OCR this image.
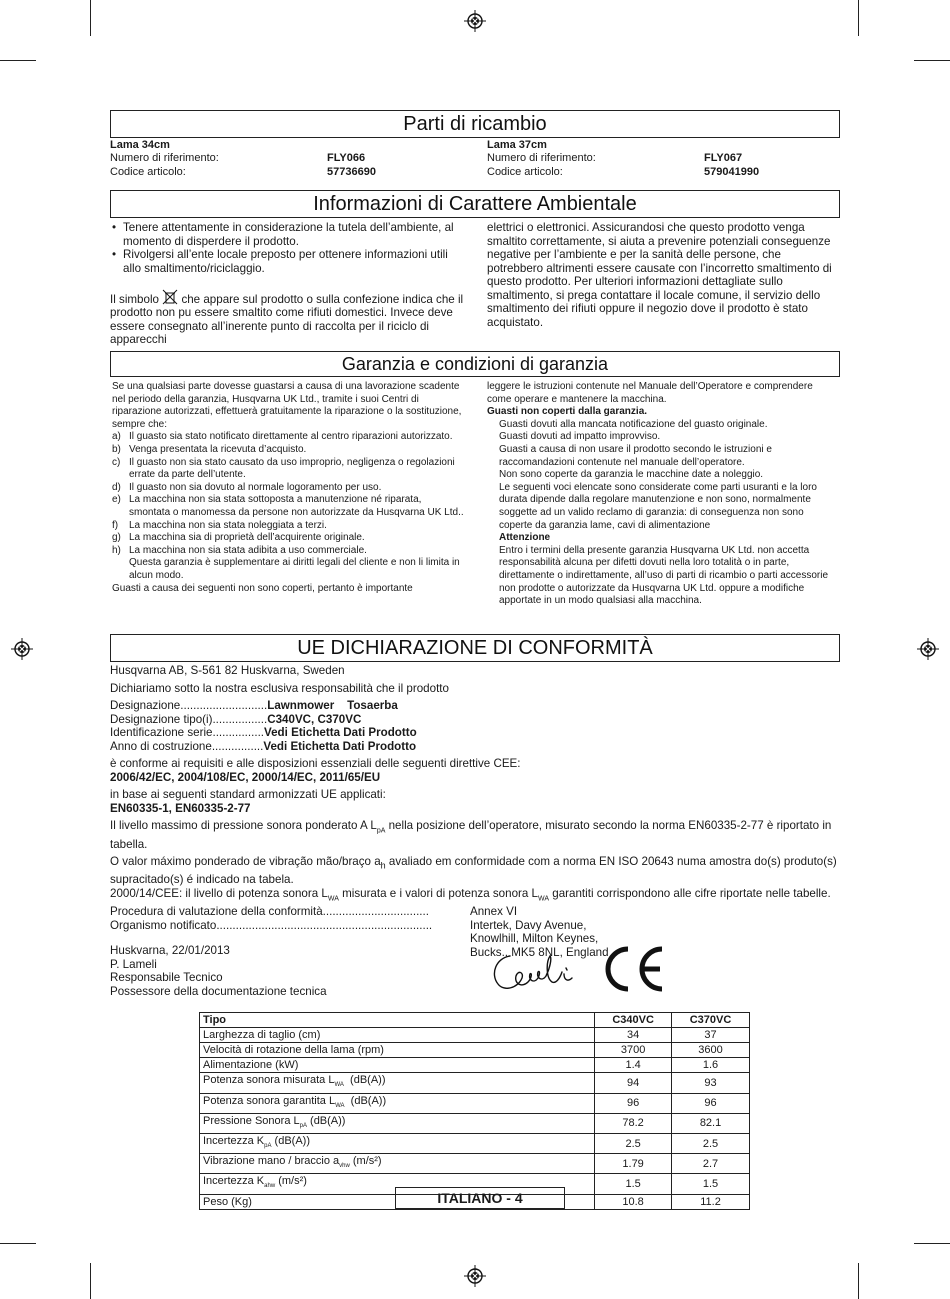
Parti di ricambio
Lama 34cm
Numero di riferimento:	FLY066
Codice articolo:	57736690
Lama 37cm
Numero di riferimento:	FLY067
Codice articolo:	579041990
Informazioni di Carattere Ambientale
• Tenere attentamente in considerazione la tutela dell’ambiente, al momento di disperdere il prodotto.
• Rivolgersi all’ente locale preposto per ottenere informazioni utili allo smaltimento/riciclaggio.

Il simbolo che appare sul prodotto o sulla confezione indica che il prodotto non pu essere smaltito come rifiuti domestici. Invece deve essere consegnato all’inerente punto di raccolta per il riciclo di apparecchi

elettrici o elettronici. Assicurandosi che questo prodotto venga smaltito correttamente, si aiuta a prevenire potenziali conseguenze negative per l’ambiente e per la sanità delle persone, che potrebbero altrimenti essere causate con l’incorretto smaltimento di questo prodotto. Per ulteriori informazioni dettagliate sullo smaltimento, si prega contattare il locale comune, il servizio dello smaltimento dei rifiuti oppure il negozio dove il prodotto è stato acquistato.

Garanzia e condizioni di garanzia

Se una qualsiasi parte dovesse guastarsi a causa di una lavorazione scadente nel periodo della garanzia, Husqvarna UK Ltd., tramite i suoi Centri di riparazione autorizzati, effettuerà gratuitamente la riparazione o la sostituzione, sempre che:

a) Il guasto sia stato notificato direttamente al centro riparazioni autorizzato.
b) Venga presentata la ricevuta d’acquisto.
c) Il guasto non sia stato causato da uso improprio, negligenza o regolazioni errate da parte dell’utente.
d) Il guasto non sia dovuto al normale logoramento per uso.
e) La macchina non sia stata sottoposta a manutenzione né riparata, smontata o manomessa da persone non autorizzate da Husqvarna UK Ltd..
f) La macchina non sia stata noleggiata a terzi.
g) La macchina sia di proprietà dell’acquirente originale.
h) La macchina non sia stata adibita a uso commerciale.

Questa garanzia è supplementare ai diritti legali del cliente e non li limita in alcun modo.

Guasti a causa dei seguenti non sono coperti, pertanto è importante

leggere le istruzioni contenute nel Manuale dell’Operatore e comprendere come operare e mantenere la macchina.

Guasti non coperti dalla garanzia.

Guasti dovuti alla mancata notificazione del guasto originale.

Guasti dovuti ad impatto improvviso.

Guasti a causa di non usare il prodotto secondo le istruzioni e raccomandazioni contenute nel manuale dell’operatore.

Non sono coperte da garanzia le macchine date a noleggio.

Le seguenti voci elencate sono considerate come parti usuranti e la loro durata dipende dalla regolare manutenzione e non sono, normalmente soggette ad un valido reclamo di garanzia: di conseguenza non sono coperte da garanzia lame, cavi di alimentazione

Attenzione

Entro i termini della presente garanzia Husqvarna UK Ltd. non accetta responsabilità alcuna per difetti dovuti nella loro totalità o in parte, direttamente o indirettamente, all’uso di parti di ricambio o parti accessorie non prodotte o autorizzate da Husqvarna UK Ltd. oppure a modifiche apportate in un modo qualsiasi alla macchina.

UE DICHIARAZIONE DI CONFORMITÀ
Husqvarna AB, S-561 82 Huskvarna, Sweden
Dichiariamo sotto la nostra esclusiva responsabilità che il prodotto
Designazione...........................Lawnmower    Tosaerba
Designazione tipo(i).................C340VC, C370VC
Identificazione serie................Vedi Etichetta Dati Prodotto
Anno di costruzione................Vedi Etichetta Dati Prodotto
è conforme ai requisiti e alle disposizioni essenziali delle seguenti direttive CEE:
2006/42/EC, 2004/108/EC, 2000/14/EC, 2011/65/EU
in base ai seguenti standard armonizzati UE applicati:
EN60335-1, EN60335-2-77
Il livello massimo di pressione sonora ponderato A $L_{pA}$ nella posizione dell’operatore, misurato secondo la norma EN60335-2-77 è riportato in tabella.
O valor máximo ponderado de vibração mão/braço $a_h$ avaliado em conformidade com a norma EN ISO 20643 numa amostra do(s) produto(s) supracitado(s) é indicado na tabela.
2000/14/CEE: il livello di potenza sonora $L_{WA}$ misurata e i valori di potenza sonora $L_{WA}$ garantiti corrispondono alle cifre riportate nelle tabelle.
Procedura di valutazione della conformità.................................	Annex VI
Organismo notificato...................................................................	Intertek, Davy Avenue,
Knowlhill, Milton Keynes,
Bucks., MK5 8NL, England
Huskvarna, 22/01/2013
P. Lameli
Responsabile Tecnico
Possessore della documentazione tecnica
Tipo	C340VC	C370VC
Larghezza di taglio (cm)	34	37
Velocità di rotazione della lama (rpm)	3700	3600
Alimentazione (kW)	1.4	1.6
Potenza sonora misurata $L_{WA}$  (dB(A))	94	93
Potenza sonora garantita $L_{WA}$  (dB(A))	96	96
Pressione Sonora $L_{pA}$ (dB(A))	78.2	82.1
Incertezza $K_{pA}$ (dB(A))	2.5	2.5
Vibrazione mano / braccio $a_{vhw}$ (m/s²)	1.79	2.7
Incertezza $K_{ahw}$ (m/s²)	1.5	1.5
Peso (Kg)	10.8	11.2
ITALIANO - 4
